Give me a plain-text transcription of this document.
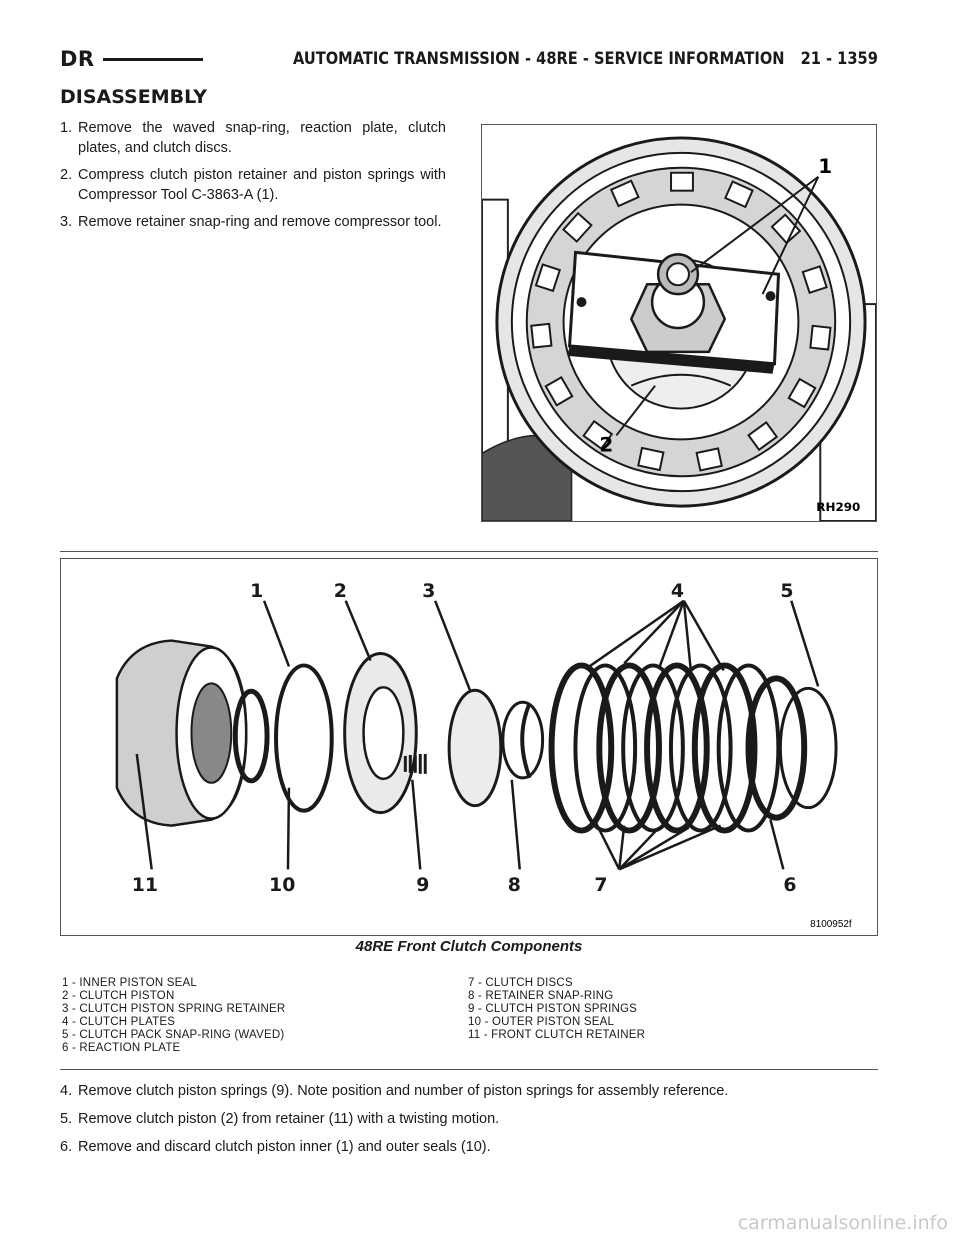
DR	AUTOMATIC TRANSMISSION - 48RE - SERVICE INFORMATION 21 - 1359
DISASSEMBLY
1. Remove the waved snap-ring, reaction plate, clutch plates, and clutch discs.
2. Compress clutch piston retainer and piston springs with Compressor Tool C-3863-A (1).
3. Remove retainer snap-ring and remove compressor tool.
1
2
RH290
1	2	3	4	5
6
7
8
9
10
11
8100952f
48RE Front Clutch Components
1 - INNER PISTON SEAL
2 - CLUTCH PISTON
3 - CLUTCH PISTON SPRING RETAINER
4 - CLUTCH PLATES
5 - CLUTCH PACK SNAP-RING (WAVED)
6 - REACTION PLATE
7 - CLUTCH DISCS
8 - RETAINER SNAP-RING
9 - CLUTCH PISTON SPRINGS
10 - OUTER PISTON SEAL
11 - FRONT CLUTCH RETAINER
4. Remove clutch piston springs (9). Note position and number of piston springs for assembly reference.
5. Remove clutch piston (2) from retainer (11) with a twisting motion.
6. Remove and discard clutch piston inner (1) and outer seals (10).
carmanualsonline.info
